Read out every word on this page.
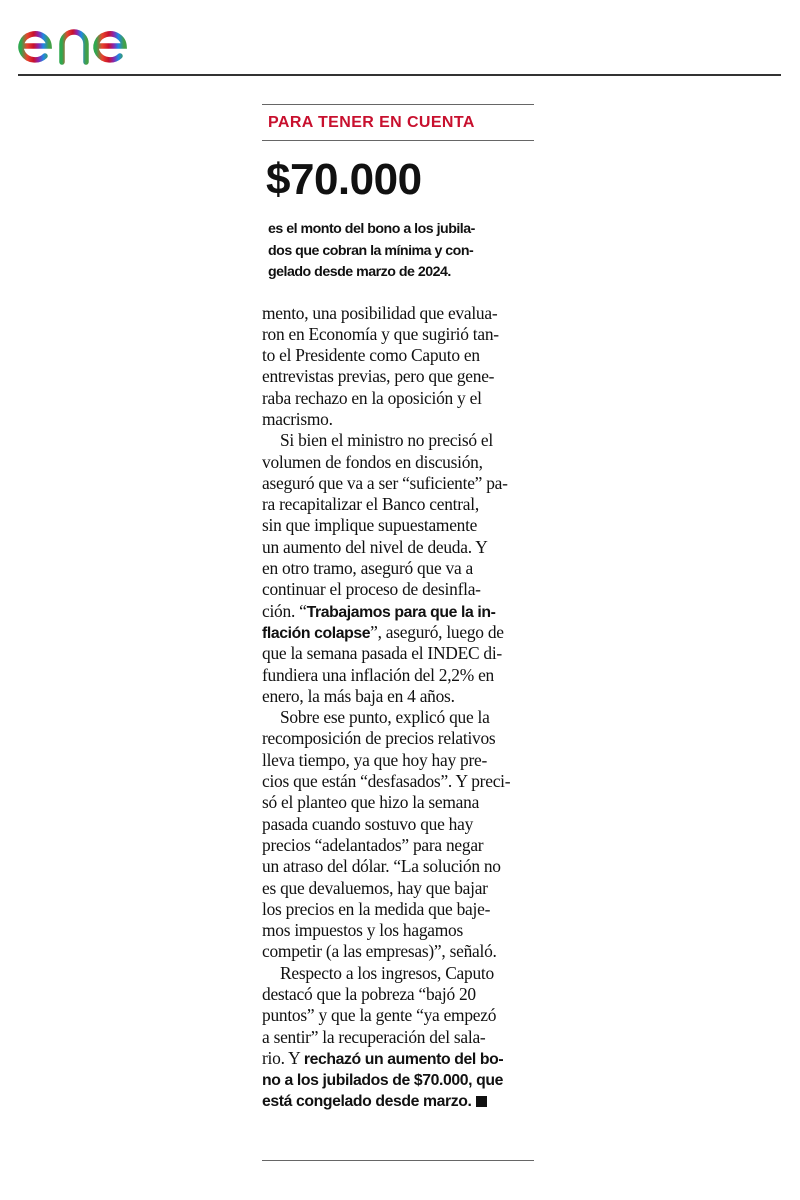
PARA TENER EN CUENTA
$70.000
es el monto del bono a los jubila-
dos que cobran la mínima y con-
gelado desde marzo de 2024.
mento, una posibilidad que evalua-
ron en Economía y que sugirió tan-
to el Presidente como Caputo en
entrevistas previas, pero que gene-
raba rechazo en la oposición y el
macrismo.
Si bien el ministro no precisó el
volumen de fondos en discusión,
aseguró que va a ser “suficiente” pa-
ra recapitalizar el Banco central,
sin que implique supuestamente
un aumento del nivel de deuda. Y
en otro tramo, aseguró que va a
continuar el proceso de desinfla-
ción. “Trabajamos para que la in-
flación colapse”, aseguró, luego de
que la semana pasada el INDEC di-
fundiera una inflación del 2,2% en
enero, la más baja en 4 años.
Sobre ese punto, explicó que la
recomposición de precios relativos
lleva tiempo, ya que hoy hay pre-
cios que están “desfasados”. Y preci-
só el planteo que hizo la semana
pasada cuando sostuvo que hay
precios “adelantados” para negar
un atraso del dólar. “La solución no
es que devaluemos, hay que bajar
los precios en la medida que baje-
mos impuestos y los hagamos
competir (a las empresas)”, señaló.
Respecto a los ingresos, Caputo
destacó que la pobreza “bajó 20
puntos” y que la gente “ya empezó
a sentir” la recuperación del sala-
rio. Y rechazó un aumento del bo-
no a los jubilados de $70.000, que
está congelado desde marzo.
